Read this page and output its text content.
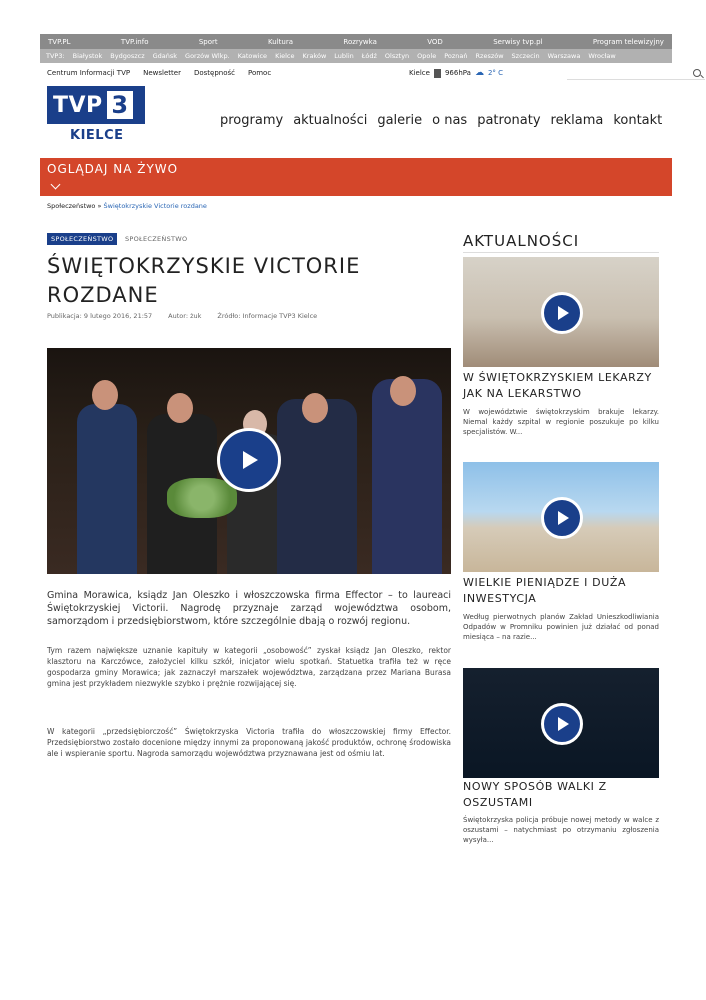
TVP.PL	TVP.info	Sport	Kultura	Rozrywka	VOD	Serwisy tvp.pl	Program telewizyjny
TVP3: Białystok Bydgoszcz Gdańsk Gorzów Wlkp. Katowice Kielce Kraków Lublin Łódź Olsztyn Opole Poznań Rzeszów Szczecin Warszawa Wrocław
Centrum Informacji TVP Newsletter Dostępność Pomoc	Kielce 966hPa ☁ 2° C
TVP 3
KIELCE
programy aktualności galerie o nas patronaty reklama kontakt
OGLĄDAJ NA ŻYWO
Społeczeństwo » Świętokrzyskie Victorie rozdane
SPOŁECZEŃSTWO	SPOŁECZEŃSTWO
ŚWIĘTOKRZYSKIE VICTORIE ROZDANE
Publikacja: 9 lutego 2016, 21:57 Autor: żuk Źródło: Informacje TVP3 Kielce

Gmina Morawica, ksiądz Jan Oleszko i włoszczowska firma Effector – to laureaci Świętokrzyskiej Victorii. Nagrodę przyznaje zarząd województwa osobom, samorządom i przedsiębiorstwom, które szczególnie dbają o rozwój regionu.

Tym razem największe uznanie kapituły w kategorii „osobowość” zyskał ksiądz Jan Oleszko, rektor klasztoru na Karczówce, założyciel kilku szkół, inicjator wielu spotkań. Statuetka trafiła też w ręce gospodarza gminy Morawica; jak zaznaczył marszałek województwa, zarządzana przez Mariana Burasa gmina jest przykładem niezwykle szybko i prężnie rozwijającej się.

W kategorii „przedsiębiorczość” Świętokrzyska Victoria trafiła do włoszczowskiej firmy Effector. Przedsiębiorstwo zostało docenione między innymi za proponowaną jakość produktów, ochronę środowiska ale i wspieranie sportu. Nagroda samorządu województwa przyznawana jest od ośmiu lat.

AKTUALNOŚCI
W ŚWIĘTOKRZYSKIEM LEKARZY JAK NA LEKARSTWO
W województwie świętokrzyskim brakuje lekarzy. Niemal każdy szpital w regionie poszukuje po kilku specjalistów. W...
WIELKIE PIENIĄDZE I DUŻA INWESTYCJA
Według pierwotnych planów Zakład Unieszkodliwiania Odpadów w Promniku powinien już działać od ponad miesiąca – na razie...
NOWY SPOSÓB WALKI Z OSZUSTAMI
Świętokrzyska policja próbuje nowej metody w walce z oszustami – natychmiast po otrzymaniu zgłoszenia wysyła...
